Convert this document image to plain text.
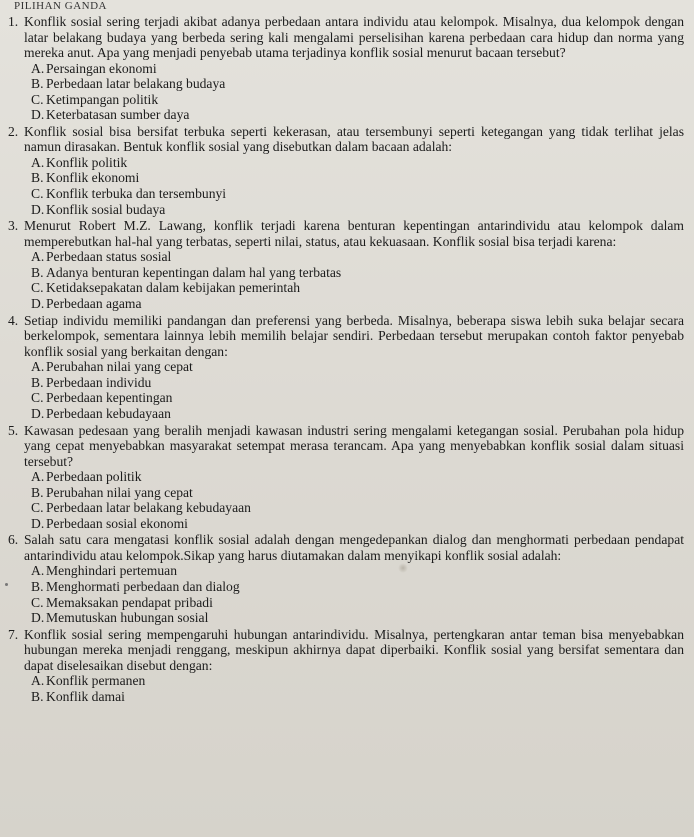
PILIHAN GANDA
1. Konflik sosial sering terjadi akibat adanya perbedaan antara individu atau kelompok. Misalnya, dua kelompok dengan latar belakang budaya yang berbeda sering kali mengalami perselisihan karena perbedaan cara hidup dan norma yang mereka anut. Apa yang menjadi penyebab utama terjadinya konflik sosial menurut bacaan tersebut?
A. Persaingan ekonomi
B. Perbedaan latar belakang budaya
C. Ketimpangan politik
D. Keterbatasan sumber daya
2. Konflik sosial bisa bersifat terbuka seperti kekerasan, atau tersembunyi seperti ketegangan yang tidak terlihat jelas namun dirasakan. Bentuk konflik sosial yang disebutkan dalam bacaan adalah:
A. Konflik politik
B. Konflik ekonomi
C. Konflik terbuka dan tersembunyi
D. Konflik sosial budaya
3. Menurut Robert M.Z. Lawang, konflik terjadi karena benturan kepentingan antarindividu atau kelompok dalam memperebutkan hal-hal yang terbatas, seperti nilai, status, atau kekuasaan. Konflik sosial bisa terjadi karena:
A. Perbedaan status sosial
B. Adanya benturan kepentingan dalam hal yang terbatas
C. Ketidaksepakatan dalam kebijakan pemerintah
D. Perbedaan agama
4. Setiap individu memiliki pandangan dan preferensi yang berbeda. Misalnya, beberapa siswa lebih suka belajar secara berkelompok, sementara lainnya lebih memilih belajar sendiri. Perbedaan tersebut merupakan contoh faktor penyebab konflik sosial yang berkaitan dengan:
A. Perubahan nilai yang cepat
B. Perbedaan individu
C. Perbedaan kepentingan
D. Perbedaan kebudayaan
5. Kawasan pedesaan yang beralih menjadi kawasan industri sering mengalami ketegangan sosial. Perubahan pola hidup yang cepat menyebabkan masyarakat setempat merasa terancam. Apa yang menyebabkan konflik sosial dalam situasi tersebut?
A. Perbedaan politik
B. Perubahan nilai yang cepat
C. Perbedaan latar belakang kebudayaan
D. Perbedaan sosial ekonomi
6. Salah satu cara mengatasi konflik sosial adalah dengan mengedepankan dialog dan menghormati perbedaan pendapat antarindividu atau kelompok.Sikap yang harus diutamakan dalam menyikapi konflik sosial adalah:
A. Menghindari pertemuan
B. Menghormati perbedaan dan dialog
C. Memaksakan pendapat pribadi
D. Memutuskan hubungan sosial
7. Konflik sosial sering mempengaruhi hubungan antarindividu. Misalnya, pertengkaran antar teman bisa menyebabkan hubungan mereka menjadi renggang, meskipun akhirnya dapat diperbaiki. Konflik sosial yang bersifat sementara dan dapat diselesaikan disebut dengan:
A. Konflik permanen
B. Konflik damai
